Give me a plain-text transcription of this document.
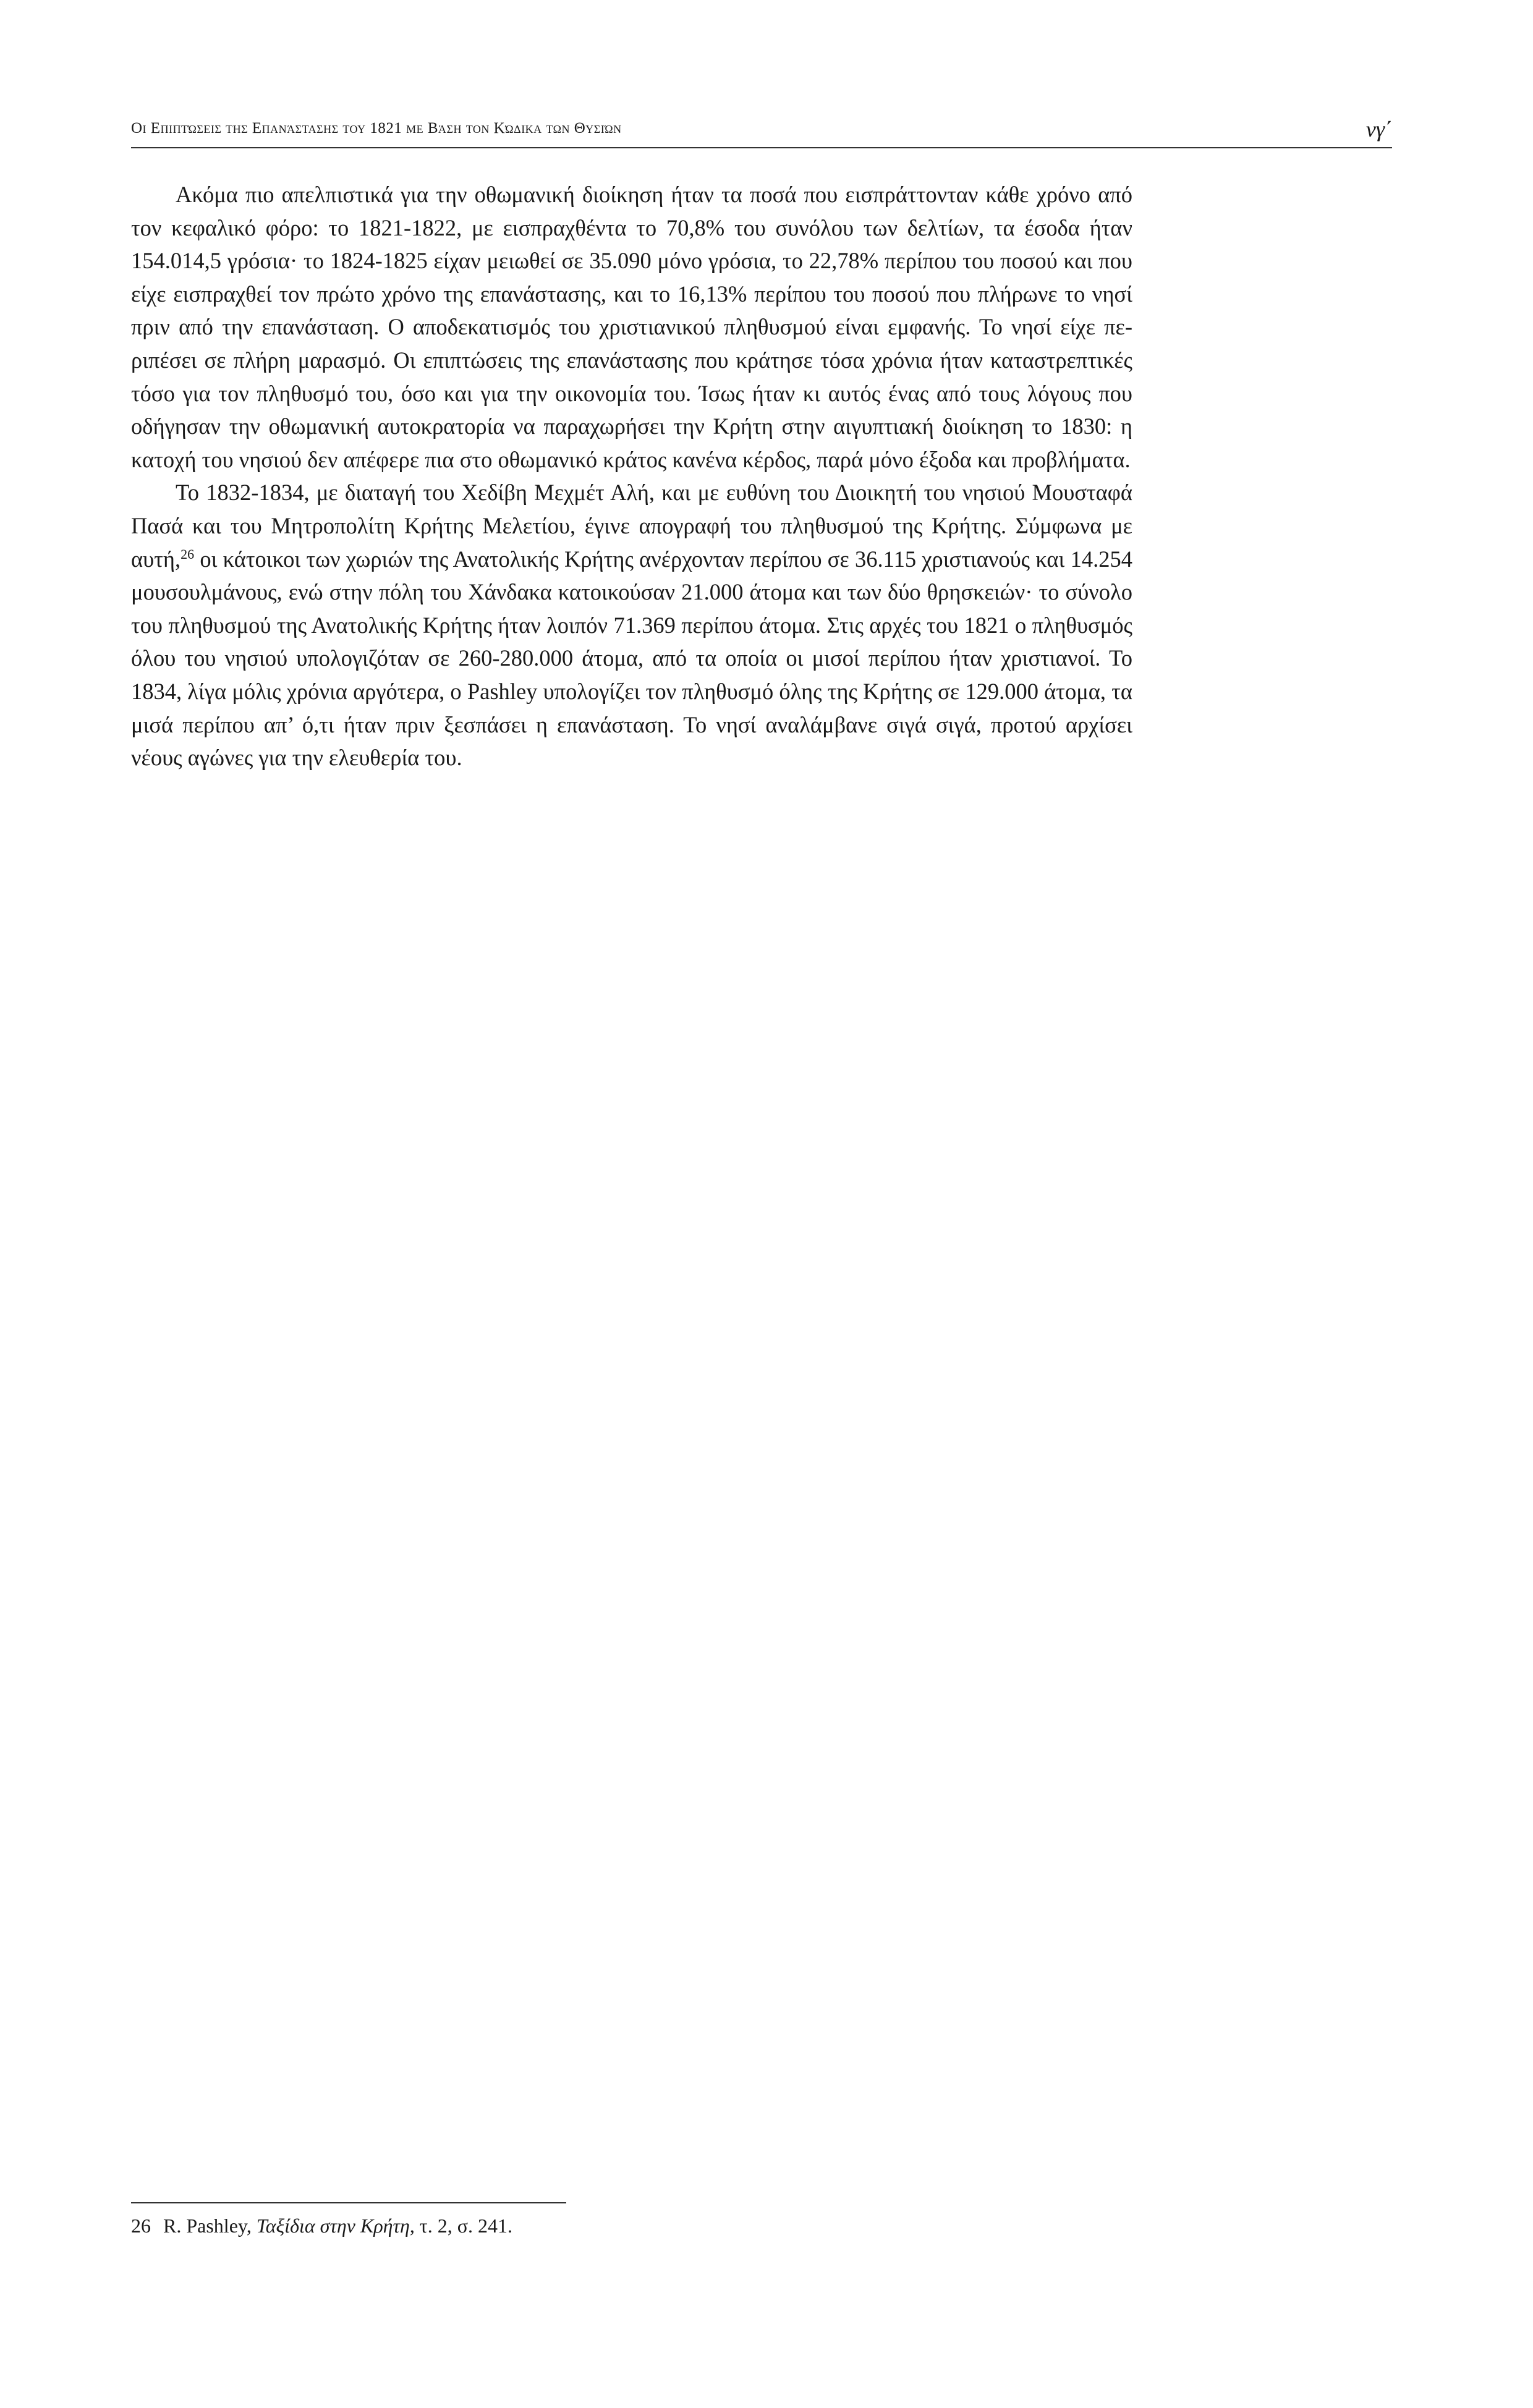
Οι Επιπτώσεις της Επανάστασης του 1821 με Βάση τον Κώδικα των Θυσιών	νγ΄

Ακόμα πιο απελπιστικά για την οθωμανική διοίκηση ήταν τα ποσά που εισπράττονταν κάθε χρόνο από τον κεφαλικό φόρο: το 1821-1822, με εισπραχθέντα το 70,8% του συνόλου των δελτίων, τα έσοδα ήταν 154.014,5 γρόσια· το 1824-1825 είχαν μειωθεί σε 35.090 μόνο γρόσια, το 22,78% περίπου του ποσού και που είχε εισπραχθεί τον πρώτο χρόνο της επανάστασης, και το 16,13% περίπου του ποσού που πλήρωνε το νησί πριν από την επανάσταση. Ο αποδεκατισμός του χριστιανικού πληθυσμού είναι εμφανής. Το νησί είχε περιπέσει σε πλήρη μαρασμό. Οι επιπτώσεις της επανάστασης που κράτησε τόσα χρόνια ήταν καταστρεπτικές τόσο για τον πληθυσμό του, όσο και για την οικονομία του. Ίσως ήταν κι αυτός ένας από τους λόγους που οδήγησαν την οθωμανική αυτοκρατορία να παραχωρήσει την Κρήτη στην αιγυπτιακή διοίκηση το 1830: η κατοχή του νησιού δεν απέφερε πια στο οθωμανικό κράτος κανένα κέρδος, παρά μόνο έξοδα και προβλήματα.

Το 1832-1834, με διαταγή του Χεδίβη Μεχμέτ Αλή, και με ευθύνη του Διοικητή του νησιού Μουσταφά Πασά και του Μητροπολίτη Κρήτης Μελετίου, έγινε απογραφή του πληθυσμού της Κρήτης. Σύμφωνα με αυτή,$^{26}$ οι κάτοικοι των χωριών της Ανατολικής Κρήτης ανέρχονταν περίπου σε 36.115 χριστιανούς και 14.254 μουσουλμάνους, ενώ στην πόλη του Χάνδακα κατοικούσαν 21.000 άτομα και των δύο θρησκειών· το σύνολο του πληθυσμού της Ανατολικής Κρήτης ήταν λοιπόν 71.369 περίπου άτομα. Στις αρχές του 1821 ο πληθυσμός όλου του νησιού υπολογιζόταν σε 260-280.000 άτομα, από τα οποία οι μισοί περίπου ήταν χριστιανοί. Το 1834, λίγα μόλις χρόνια αργότερα, ο Pashley υπολογίζει τον πληθυσμό όλης της Κρήτης σε 129.000 άτομα, τα μισά περίπου απ’ ό,τι ήταν πριν ξεσπάσει η επανάσταση. Το νησί αναλάμβανε σιγά σιγά, προτού αρχίσει νέους αγώνες για την ελευθερία του.

26 R. Pashley, Ταξίδια στην Κρήτη, τ. 2, σ. 241.
